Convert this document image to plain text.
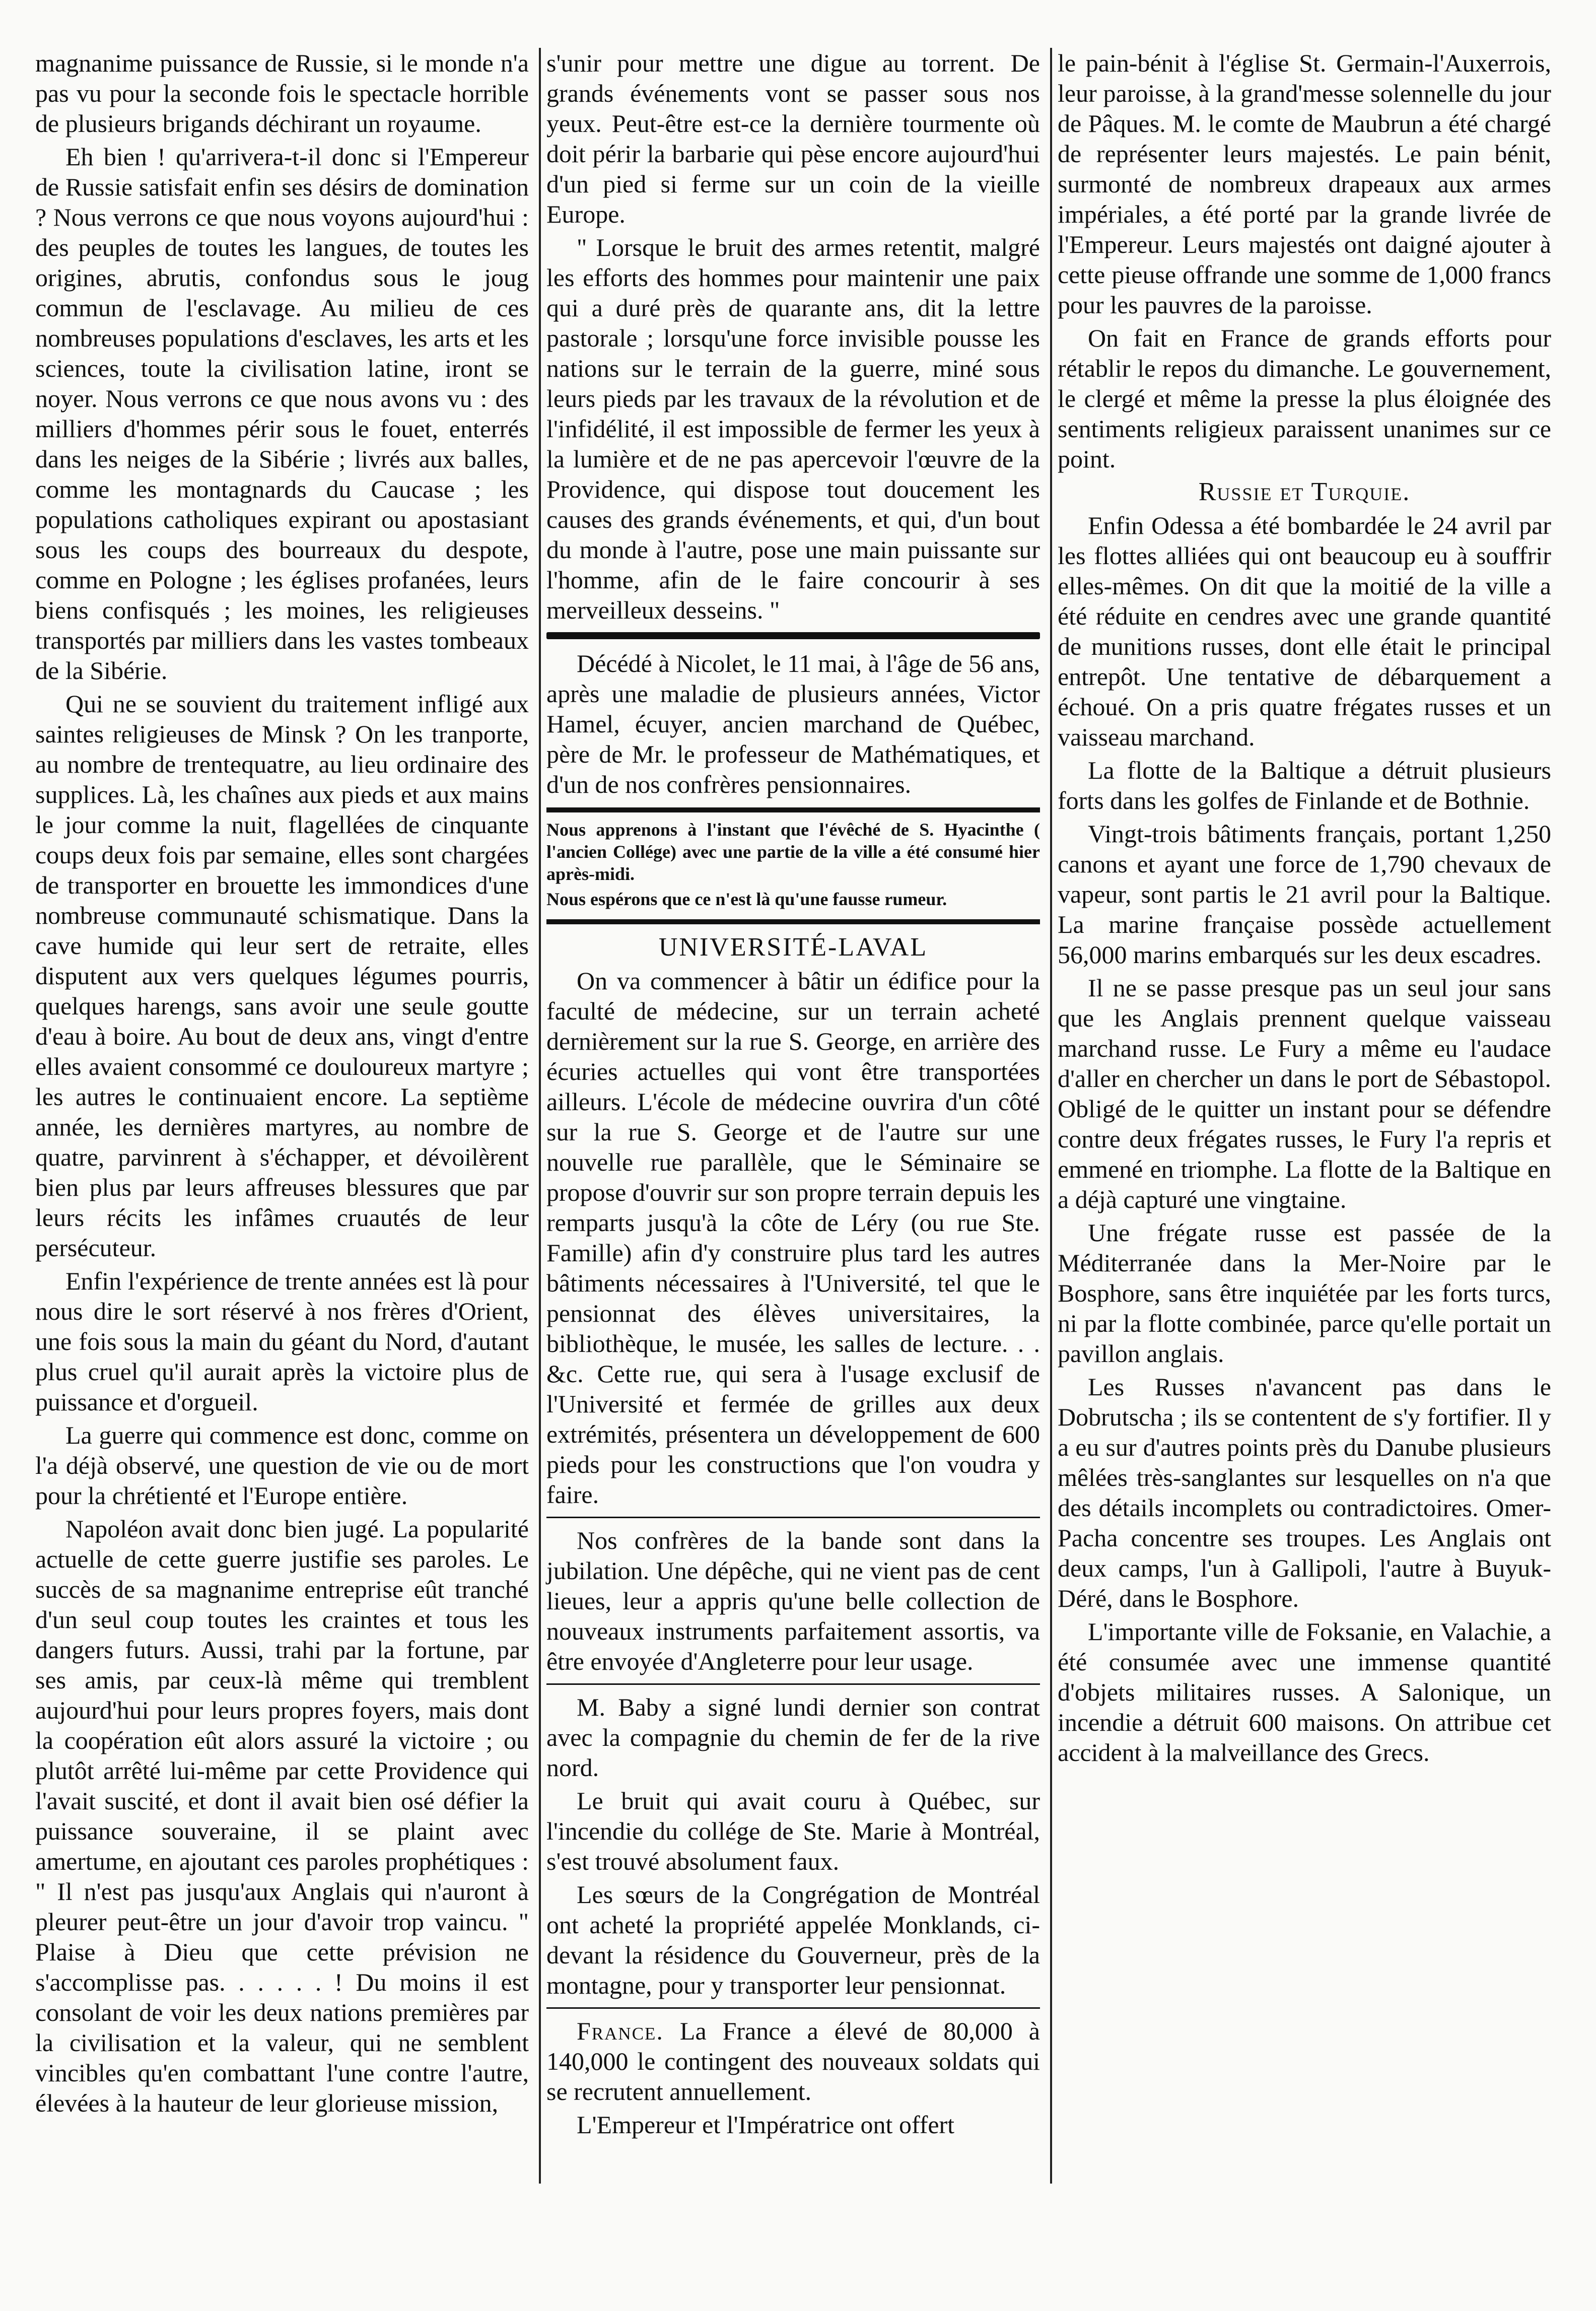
magnanime puissance de Russie, si le monde n'a pas vu pour la seconde fois le spectacle horrible de plusieurs brigands déchirant un royaume.

Eh bien ! qu'arrivera-t-il donc si l'Empereur de Russie satisfait enfin ses désirs de domination ? Nous verrons ce que nous voyons aujourd'hui : des peuples de toutes les langues, de toutes les origines, abrutis, confondus sous le joug commun de l'esclavage. Au milieu de ces nombreuses populations d'esclaves, les arts et les sciences, toute la civilisation latine, iront se noyer. Nous verrons ce que nous avons vu : des milliers d'hommes périr sous le fouet, enterrés dans les neiges de la Sibérie ; livrés aux balles, comme les montagnards du Caucase ; les populations catholiques expirant ou apostasiant sous les coups des bourreaux du despote, comme en Pologne ; les églises profanées, leurs biens confisqués ; les moines, les religieuses transportés par milliers dans les vastes tombeaux de la Sibérie.

Qui ne se souvient du traitement infligé aux saintes religieuses de Minsk ? On les tranporte, au nombre de trentequatre, au lieu ordinaire des supplices. Là, les chaînes aux pieds et aux mains le jour comme la nuit, flagellées de cinquante coups deux fois par semaine, elles sont chargées de transporter en brouette les immondices d'une nombreuse communauté schismatique. Dans la cave humide qui leur sert de retraite, elles disputent aux vers quelques légumes pourris, quelques harengs, sans avoir une seule goutte d'eau à boire. Au bout de deux ans, vingt d'entre elles avaient consommé ce douloureux martyre ; les autres le continuaient encore. La septième année, les dernières martyres, au nombre de quatre, parvinrent à s'échapper, et dévoilèrent bien plus par leurs affreuses blessures que par leurs récits les infâmes cruautés de leur persécuteur.

Enfin l'expérience de trente années est là pour nous dire le sort réservé à nos frères d'Orient, une fois sous la main du géant du Nord, d'autant plus cruel qu'il aurait après la victoire plus de puissance et d'orgueil.

La guerre qui commence est donc, comme on l'a déjà observé, une question de vie ou de mort pour la chrétienté et l'Europe entière.

Napoléon avait donc bien jugé. La popularité actuelle de cette guerre justifie ses paroles. Le succès de sa magnanime entreprise eût tranché d'un seul coup toutes les craintes et tous les dangers futurs. Aussi, trahi par la fortune, par ses amis, par ceux-là même qui tremblent aujourd'hui pour leurs propres foyers, mais dont la coopération eût alors assuré la victoire ; ou plutôt arrêté lui-même par cette Providence qui l'avait suscité, et dont il avait bien osé défier la puissance souveraine, il se plaint avec amertume, en ajoutant ces paroles prophétiques : " Il n'est pas jusqu'aux Anglais qui n'auront à pleurer peut-être un jour d'avoir trop vaincu. " Plaise à Dieu que cette prévision ne s'accomplisse pas. . . . . . ! Du moins il est consolant de voir les deux nations premières par la civilisation et la valeur, qui ne semblent vincibles qu'en combattant l'une contre l'autre, élevées à la hauteur de leur glorieuse mission,

s'unir pour mettre une digue au torrent. De grands événements vont se passer sous nos yeux. Peut-être est-ce la dernière tourmente où doit périr la barbarie qui pèse encore aujourd'hui d'un pied si ferme sur un coin de la vieille Europe.

" Lorsque le bruit des armes retentit, malgré les efforts des hommes pour maintenir une paix qui a duré près de quarante ans, dit la lettre pastorale ; lorsqu'une force invisible pousse les nations sur le terrain de la guerre, miné sous leurs pieds par les travaux de la révolution et de l'infidélité, il est impossible de fermer les yeux à la lumière et de ne pas apercevoir l'œuvre de la Providence, qui dispose tout doucement les causes des grands événements, et qui, d'un bout du monde à l'autre, pose une main puissante sur l'homme, afin de le faire concourir à ses merveilleux desseins. "

Décédé à Nicolet, le 11 mai, à l'âge de 56 ans, après une maladie de plusieurs années, Victor Hamel, écuyer, ancien marchand de Québec, père de Mr. le professeur de Mathématiques, et d'un de nos confrères pensionnaires.

Nous apprenons à l'instant que l'évêché de S. Hyacinthe ( l'ancien Collége) avec une partie de la ville a été consumé hier après-midi.

Nous espérons que ce n'est là qu'une fausse rumeur.

UNIVERSITÉ-LAVAL

On va commencer à bâtir un édifice pour la faculté de médecine, sur un terrain acheté dernièrement sur la rue S. George, en arrière des écuries actuelles qui vont être transportées ailleurs. L'école de médecine ouvrira d'un côté sur la rue S. George et de l'autre sur une nouvelle rue parallèle, que le Séminaire se propose d'ouvrir sur son propre terrain depuis les remparts jusqu'à la côte de Léry (ou rue Ste. Famille) afin d'y construire plus tard les autres bâtiments nécessaires à l'Université, tel que le pensionnat des élèves universitaires, la bibliothèque, le musée, les salles de lecture. . . &c. Cette rue, qui sera à l'usage exclusif de l'Université et fermée de grilles aux deux extrémités, présentera un développement de 600 pieds pour les constructions que l'on voudra y faire.

Nos confrères de la bande sont dans la jubilation. Une dépêche, qui ne vient pas de cent lieues, leur a appris qu'une belle collection de nouveaux instruments parfaitement assortis, va être envoyée d'Angleterre pour leur usage.

M. Baby a signé lundi dernier son contrat avec la compagnie du chemin de fer de la rive nord.

Le bruit qui avait couru à Québec, sur l'incendie du collége de Ste. Marie à Montréal, s'est trouvé absolument faux.

Les sœurs de la Congrégation de Montréal ont acheté la propriété appelée Monklands, ci-devant la résidence du Gouverneur, près de la montagne, pour y transporter leur pensionnat.

France. La France a élevé de 80,000 à 140,000 le contingent des nouveaux soldats qui se recrutent annuellement.

L'Empereur et l'Impératrice ont offert

le pain-bénit à l'église St. Germain-l'Auxerrois, leur paroisse, à la grand'messe solennelle du jour de Pâques. M. le comte de Maubrun a été chargé de représenter leurs majestés. Le pain bénit, surmonté de nombreux drapeaux aux armes impériales, a été porté par la grande livrée de l'Empereur. Leurs majestés ont daigné ajouter à cette pieuse offrande une somme de 1,000 francs pour les pauvres de la paroisse.

On fait en France de grands efforts pour rétablir le repos du dimanche. Le gouvernement, le clergé et même la presse la plus éloignée des sentiments religieux paraissent unanimes sur ce point.

Russie et Turquie.

Enfin Odessa a été bombardée le 24 avril par les flottes alliées qui ont beaucoup eu à souffrir elles-mêmes. On dit que la moitié de la ville a été réduite en cendres avec une grande quantité de munitions russes, dont elle était le principal entrepôt. Une tentative de débarquement a échoué. On a pris quatre frégates russes et un vaisseau marchand.

La flotte de la Baltique a détruit plusieurs forts dans les golfes de Finlande et de Bothnie.

Vingt-trois bâtiments français, portant 1,250 canons et ayant une force de 1,790 chevaux de vapeur, sont partis le 21 avril pour la Baltique. La marine française possède actuellement 56,000 marins embarqués sur les deux escadres.

Il ne se passe presque pas un seul jour sans que les Anglais prennent quelque vaisseau marchand russe. Le Fury a même eu l'audace d'aller en chercher un dans le port de Sébastopol. Obligé de le quitter un instant pour se défendre contre deux frégates russes, le Fury l'a repris et emmené en triomphe. La flotte de la Baltique en a déjà capturé une vingtaine.

Une frégate russe est passée de la Méditerranée dans la Mer-Noire par le Bosphore, sans être inquiétée par les forts turcs, ni par la flotte combinée, parce qu'elle portait un pavillon anglais.

Les Russes n'avancent pas dans le Dobrutscha ; ils se contentent de s'y fortifier. Il y a eu sur d'autres points près du Danube plusieurs mêlées très-sanglantes sur lesquelles on n'a que des détails incomplets ou contradictoires. Omer-Pacha concentre ses troupes. Les Anglais ont deux camps, l'un à Gallipoli, l'autre à Buyuk-Déré, dans le Bosphore.

L'importante ville de Foksanie, en Valachie, a été consumée avec une immense quantité d'objets militaires russes. A Salonique, un incendie a détruit 600 maisons. On attribue cet accident à la malveillance des Grecs.
